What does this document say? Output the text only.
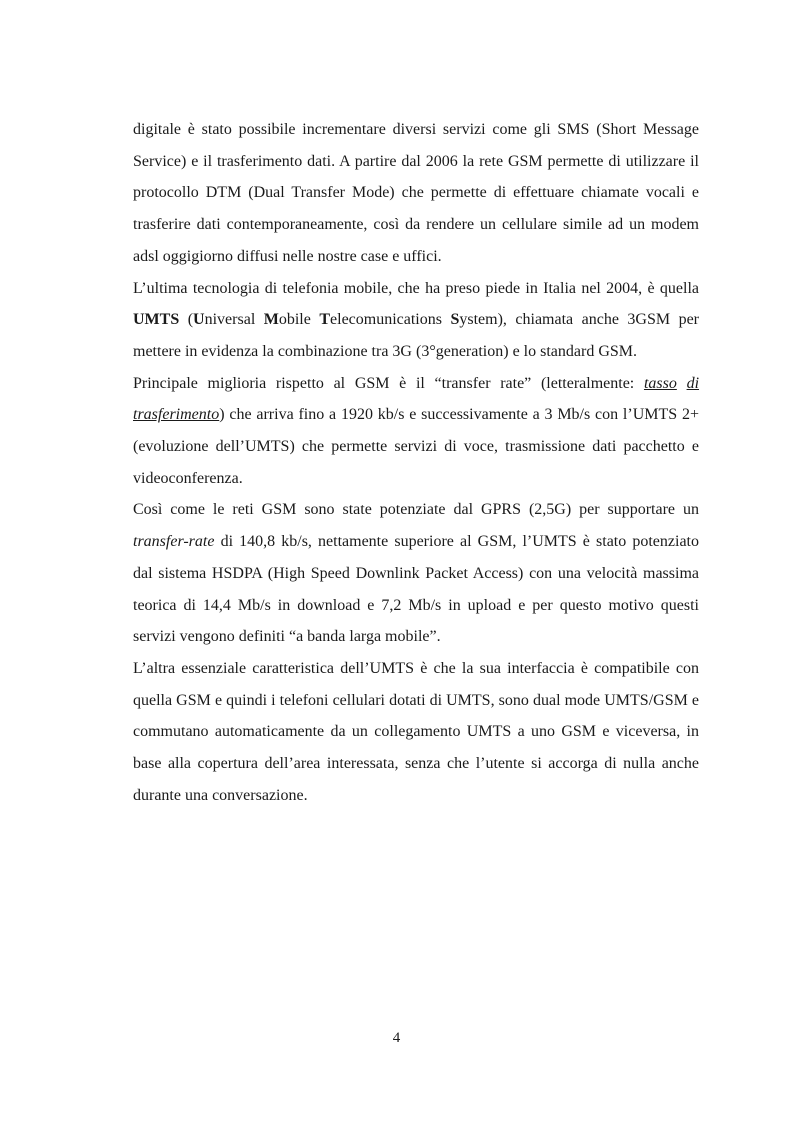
digitale è stato possibile incrementare diversi servizi come gli SMS (Short Message Service) e il trasferimento dati. A partire dal 2006 la rete GSM permette di utilizzare il protocollo DTM (Dual Transfer Mode) che permette di effettuare chiamate vocali e trasferire dati contemporaneamente, così da rendere un cellulare simile ad un modem adsl oggigiorno diffusi nelle nostre case e uffici.

L’ultima tecnologia di telefonia mobile, che ha preso piede in Italia nel 2004, è quella UMTS (Universal Mobile Telecomunications System), chiamata anche 3GSM per mettere in evidenza la combinazione tra 3G (3°generation) e lo standard GSM.

Principale miglioria rispetto al GSM è il “transfer rate” (letteralmente: tasso di trasferimento) che arriva fino a 1920 kb/s e successivamente a 3 Mb/s con l’UMTS 2+ (evoluzione dell’UMTS) che permette servizi di voce, trasmissione dati pacchetto e videoconferenza.

Così come le reti GSM sono state potenziate dal GPRS (2,5G) per supportare un transfer-rate di 140,8 kb/s, nettamente superiore al GSM, l’UMTS è stato potenziato dal sistema HSDPA (High Speed Downlink Packet Access) con una velocità massima teorica di 14,4 Mb/s in download e 7,2 Mb/s in upload e per questo motivo questi servizi vengono definiti “a banda larga mobile”.

L’altra essenziale caratteristica dell’UMTS è che la sua interfaccia è compatibile con quella GSM e quindi i telefoni cellulari dotati di UMTS, sono dual mode UMTS/GSM e commutano automaticamente da un collegamento UMTS a uno GSM e viceversa, in base alla copertura dell’area interessata, senza che l’utente si accorga di nulla anche durante una conversazione.

4
